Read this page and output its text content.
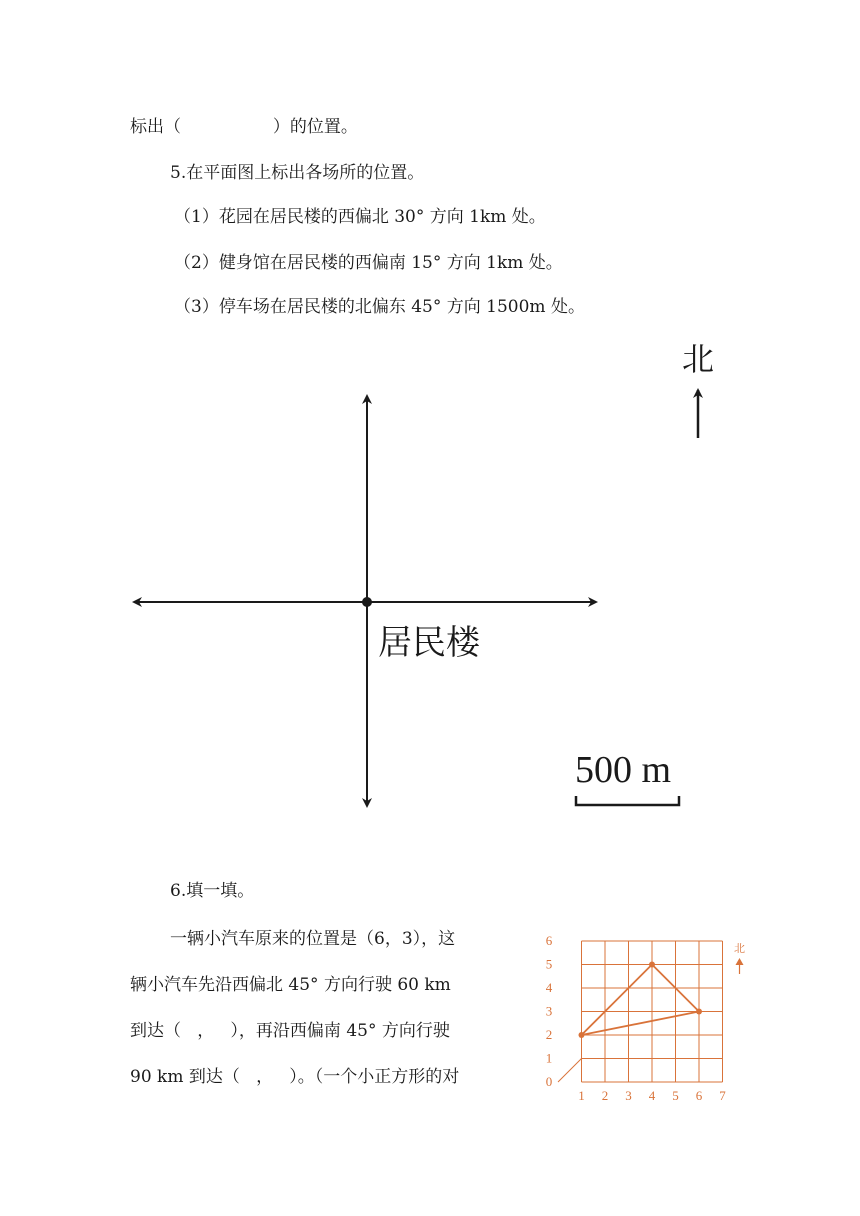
标出（                 ）的位置。
5.在平面图上标出各场所的位置。
（1）花园在居民楼的西偏北 30° 方向 1km 处。
（2）健身馆在居民楼的西偏南 15° 方向 1km 处。
（3）停车场在居民楼的北偏东 45° 方向 1500m 处。
北
居民楼
500 m
6.填一填。
一辆小汽车原来的位置是（6，3），这
辆小汽车先沿西偏北 45° 方向行驶 60 km
到达（   ，   ），再沿西偏南 45° 方向行驶
90 km 到达（   ，   ）。（一个小正方形的对
1 2 3 4 5 6 7
1
2
3
4
5
6
0
北
